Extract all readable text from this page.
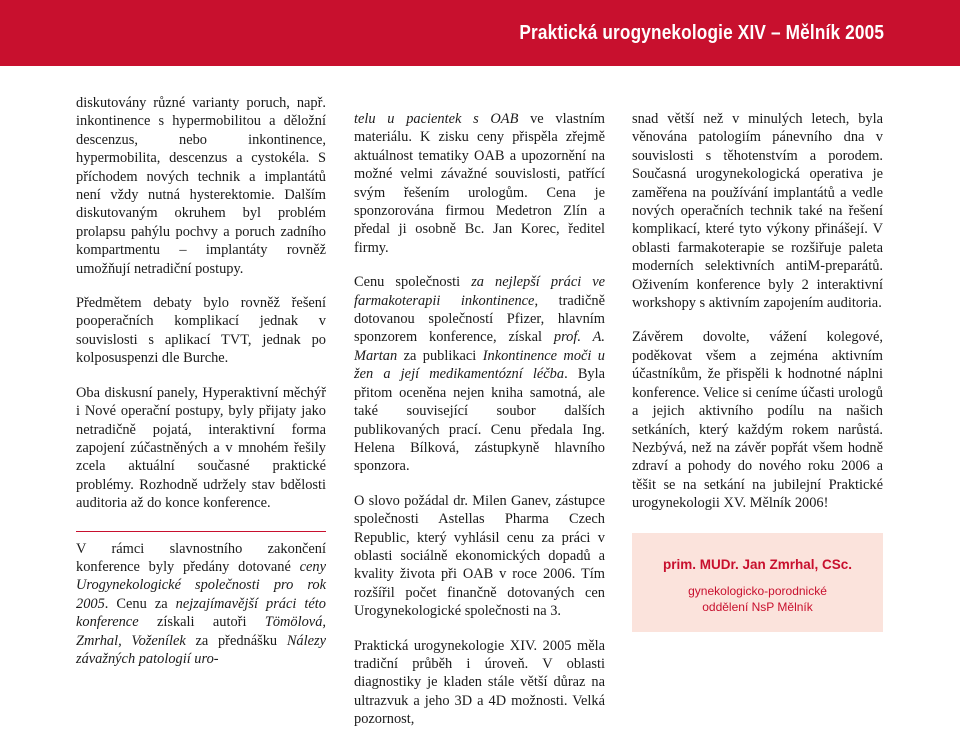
Praktická urogynekologie XIV – Mělník 2005

diskutovány různé varianty poruch, např. inkontinence s hypermobilitou a děložní descenzus, nebo inkontinence, hypermobilita, descenzus a cystokéla. S příchodem nových technik a implantátů není vždy nutná hysterektomie. Dalším diskutovaným okruhem byl problém prolapsu pahýlu pochvy a poruch zadního kompartmentu – implantáty rovněž umožňují netradiční postupy.

Předmětem debaty bylo rovněž řešení pooperačních komplikací jednak v souvislosti s aplikací TVT, jednak po kolposuspenzi dle Burche.

Oba diskusní panely, Hyperaktivní měchýř i Nové operační postupy, byly přijaty jako netradičně pojatá, interaktivní forma zapojení zúčastněných a v mnohém řešily zcela aktuální současné praktické problémy. Rozhodně udržely stav bdělosti auditoria až do konce konference.

V rámci slavnostního zakončení konference byly předány dotované ceny Urogynekologické společnosti pro rok 2005. Cenu za nejzajímavější práci této konference získali autoři Tömölová, Zmrhal, Voženílek za přednášku Nálezy závažných patologií uro-

telu u pacientek s OAB ve vlastním materiálu. K zisku ceny přispěla zřejmě aktuálnost tematiky OAB a upozornění na možné velmi závažné souvislosti, patřící svým řešením urologům. Cena je sponzorována firmou Medetron Zlín a předal ji osobně Bc. Jan Korec, ředitel firmy.

Cenu společnosti za nejlepší práci ve farmakoterapii inkontinence, tradičně dotovanou společností Pfizer, hlavním sponzorem konference, získal prof. A. Martan za publikaci Inkontinence moči u žen a její medikamentózní léčba. Byla přitom oceněna nejen kniha samotná, ale také související soubor dalších publikovaných prací. Cenu předala Ing. Helena Bílková, zástupkyně hlavního sponzora.

O slovo požádal dr. Milen Ganev, zástupce společnosti Astellas Pharma Czech Republic, který vyhlásil cenu za práci v oblasti sociálně ekonomických dopadů a kvality života při OAB v roce 2006. Tím rozšířil počet finančně dotovaných cen Urogynekologické společnosti na 3.

Praktická urogynekologie XIV. 2005 měla tradiční průběh i úroveň. V oblasti diagnostiky je kladen stále větší důraz na ultrazvuk a jeho 3D a 4D možnosti. Velká pozornost,

snad větší než v minulých letech, byla věnována patologiím pánevního dna v souvislosti s těhotenstvím a porodem. Současná urogynekologická operativa je zaměřena na používání implantátů a vedle nových operačních technik také na řešení komplikací, které tyto výkony přinášejí. V oblasti farmakoterapie se rozšiřuje paleta moderních selektivních antiM-preparátů. Oživením konference byly 2 interaktivní workshopy s aktivním zapojením auditoria.

Závěrem dovolte, vážení kolegové, poděkovat všem a zejména aktivním účastníkům, že přispěli k hodnotné náplni konference. Velice si ceníme účasti urologů a jejich aktivního podílu na našich setkáních, který každým rokem narůstá. Nezbývá, než na závěr popřát všem hodně zdraví a pohody do nového roku 2006 a těšit se na setkání na jubilejní Praktické urogynekologii XV. Mělník 2006!

prim. MUDr. Jan Zmrhal, CSc.
gynekologicko-porodnické
oddělení NsP Mělník
